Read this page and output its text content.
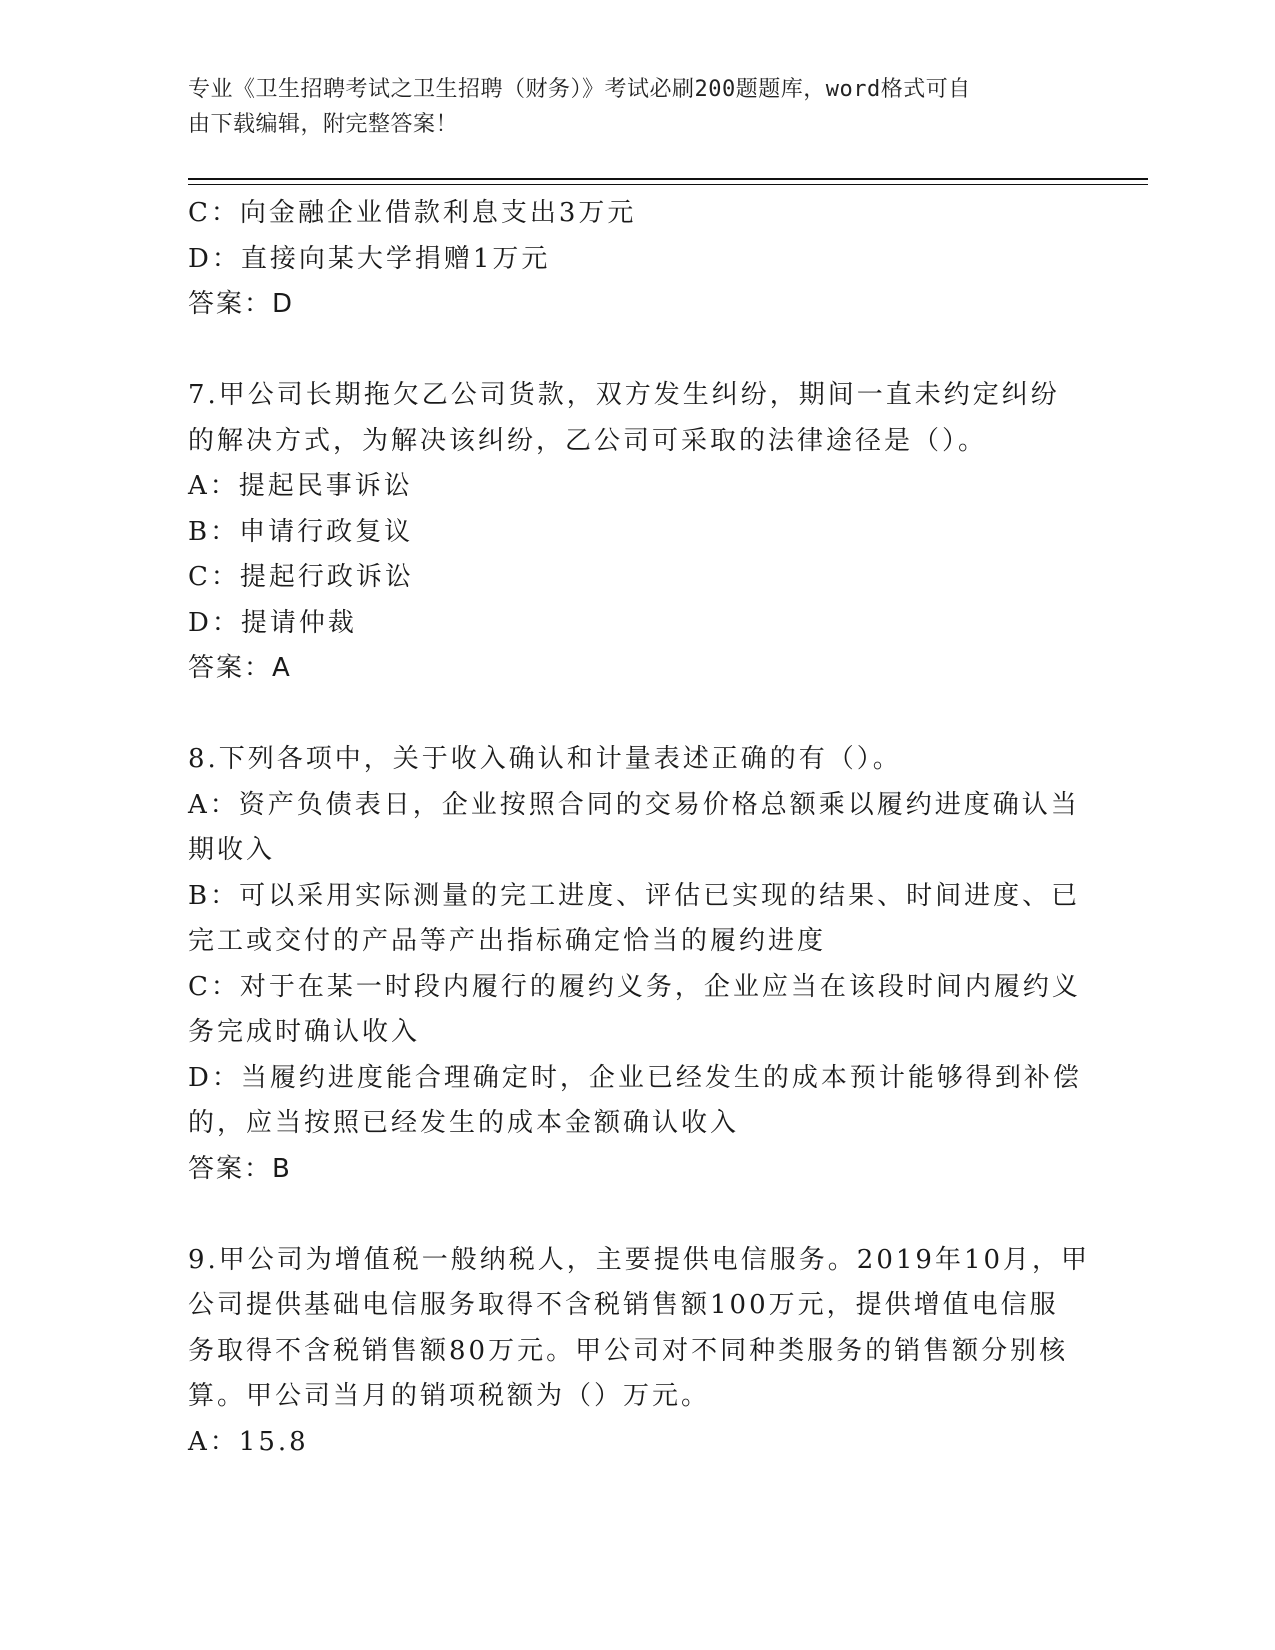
专业《卫生招聘考试之卫生招聘（财务）》考试必刷200题题库，word格式可自
由下载编辑，附完整答案！
C：向金融企业借款利息支出3万元
D：直接向某大学捐赠1万元
答案：D
7.甲公司长期拖欠乙公司货款，双方发生纠纷，期间一直未约定纠纷
的解决方式，为解决该纠纷，乙公司可采取的法律途径是（）。
A：提起民事诉讼
B：申请行政复议
C：提起行政诉讼
D：提请仲裁
答案：A
8.下列各项中，关于收入确认和计量表述正确的有（）。
A：资产负债表日，企业按照合同的交易价格总额乘以履约进度确认当
期收入
B：可以采用实际测量的完工进度、评估已实现的结果、时间进度、已
完工或交付的产品等产出指标确定恰当的履约进度
C：对于在某一时段内履行的履约义务，企业应当在该段时间内履约义
务完成时确认收入
D：当履约进度能合理确定时，企业已经发生的成本预计能够得到补偿
的，应当按照已经发生的成本金额确认收入
答案：B
9.甲公司为增值税一般纳税人，主要提供电信服务。2019年10月，甲
公司提供基础电信服务取得不含税销售额100万元，提供增值电信服
务取得不含税销售额80万元。甲公司对不同种类服务的销售额分别核
算。甲公司当月的销项税额为（）万元。
A：15.8
